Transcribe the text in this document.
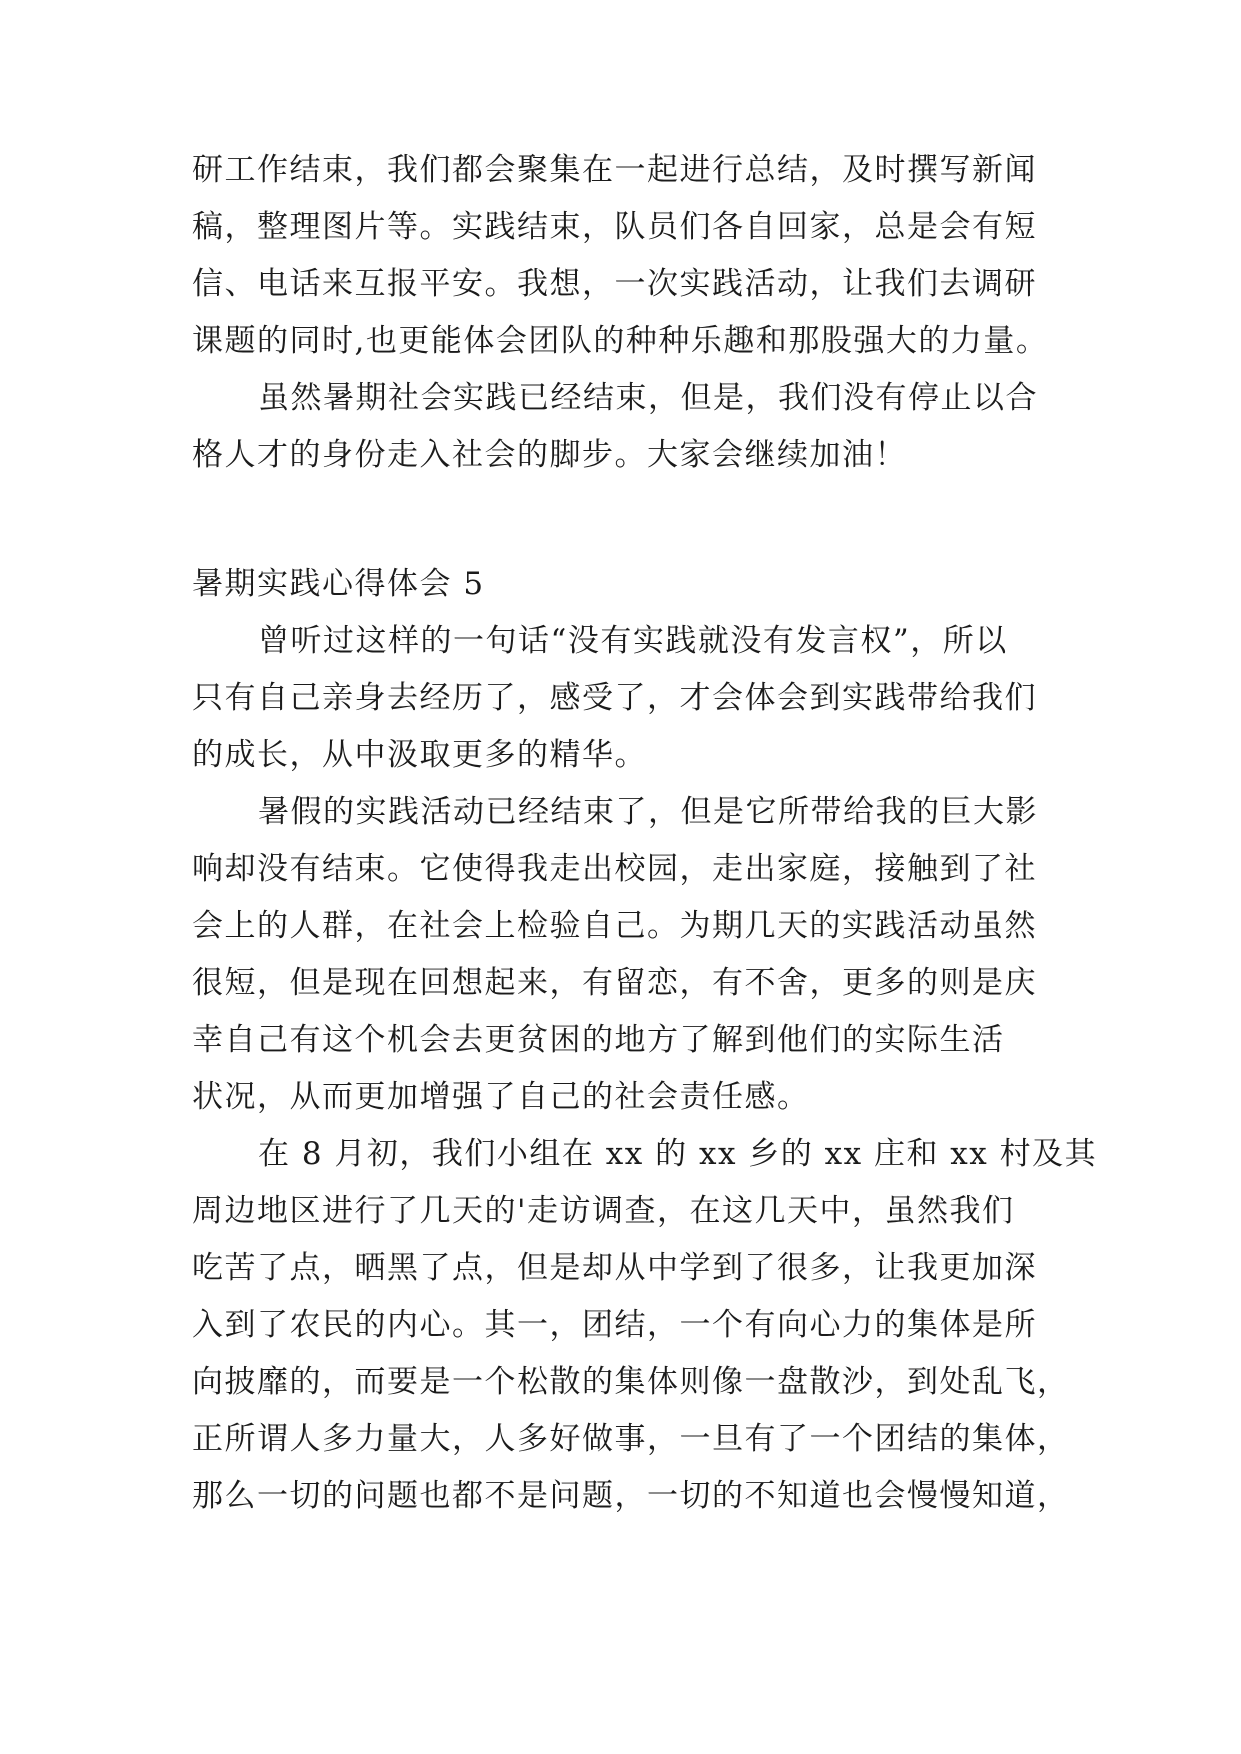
研工作结束，我们都会聚集在一起进行总结，及时撰写新闻

稿，整理图片等。实践结束，队员们各自回家，总是会有短

信、电话来互报平安。我想，一次实践活动，让我们去调研

课题的同时,也更能体会团队的种种乐趣和那股强大的力量。

虽然暑期社会实践已经结束，但是，我们没有停止以合

格人才的身份走入社会的脚步。大家会继续加油！

暑期实践心得体会 5

曾听过这样的一句话“没有实践就没有发言权”，所以

只有自己亲身去经历了，感受了，才会体会到实践带给我们

的成长，从中汲取更多的精华。

暑假的实践活动已经结束了，但是它所带给我的巨大影

响却没有结束。它使得我走出校园，走出家庭，接触到了社

会上的人群，在社会上检验自己。为期几天的实践活动虽然

很短，但是现在回想起来，有留恋，有不舍，更多的则是庆

幸自己有这个机会去更贫困的地方了解到他们的实际生活

状况，从而更加增强了自己的社会责任感。

在 8 月初，我们小组在 xx 的 xx 乡的 xx 庄和 xx 村及其

周边地区进行了几天的'走访调查，在这几天中，虽然我们

吃苦了点，晒黑了点，但是却从中学到了很多，让我更加深

入到了农民的内心。其一，团结，一个有向心力的集体是所

向披靡的，而要是一个松散的集体则像一盘散沙，到处乱飞，

正所谓人多力量大，人多好做事，一旦有了一个团结的集体，

那么一切的问题也都不是问题，一切的不知道也会慢慢知道，
